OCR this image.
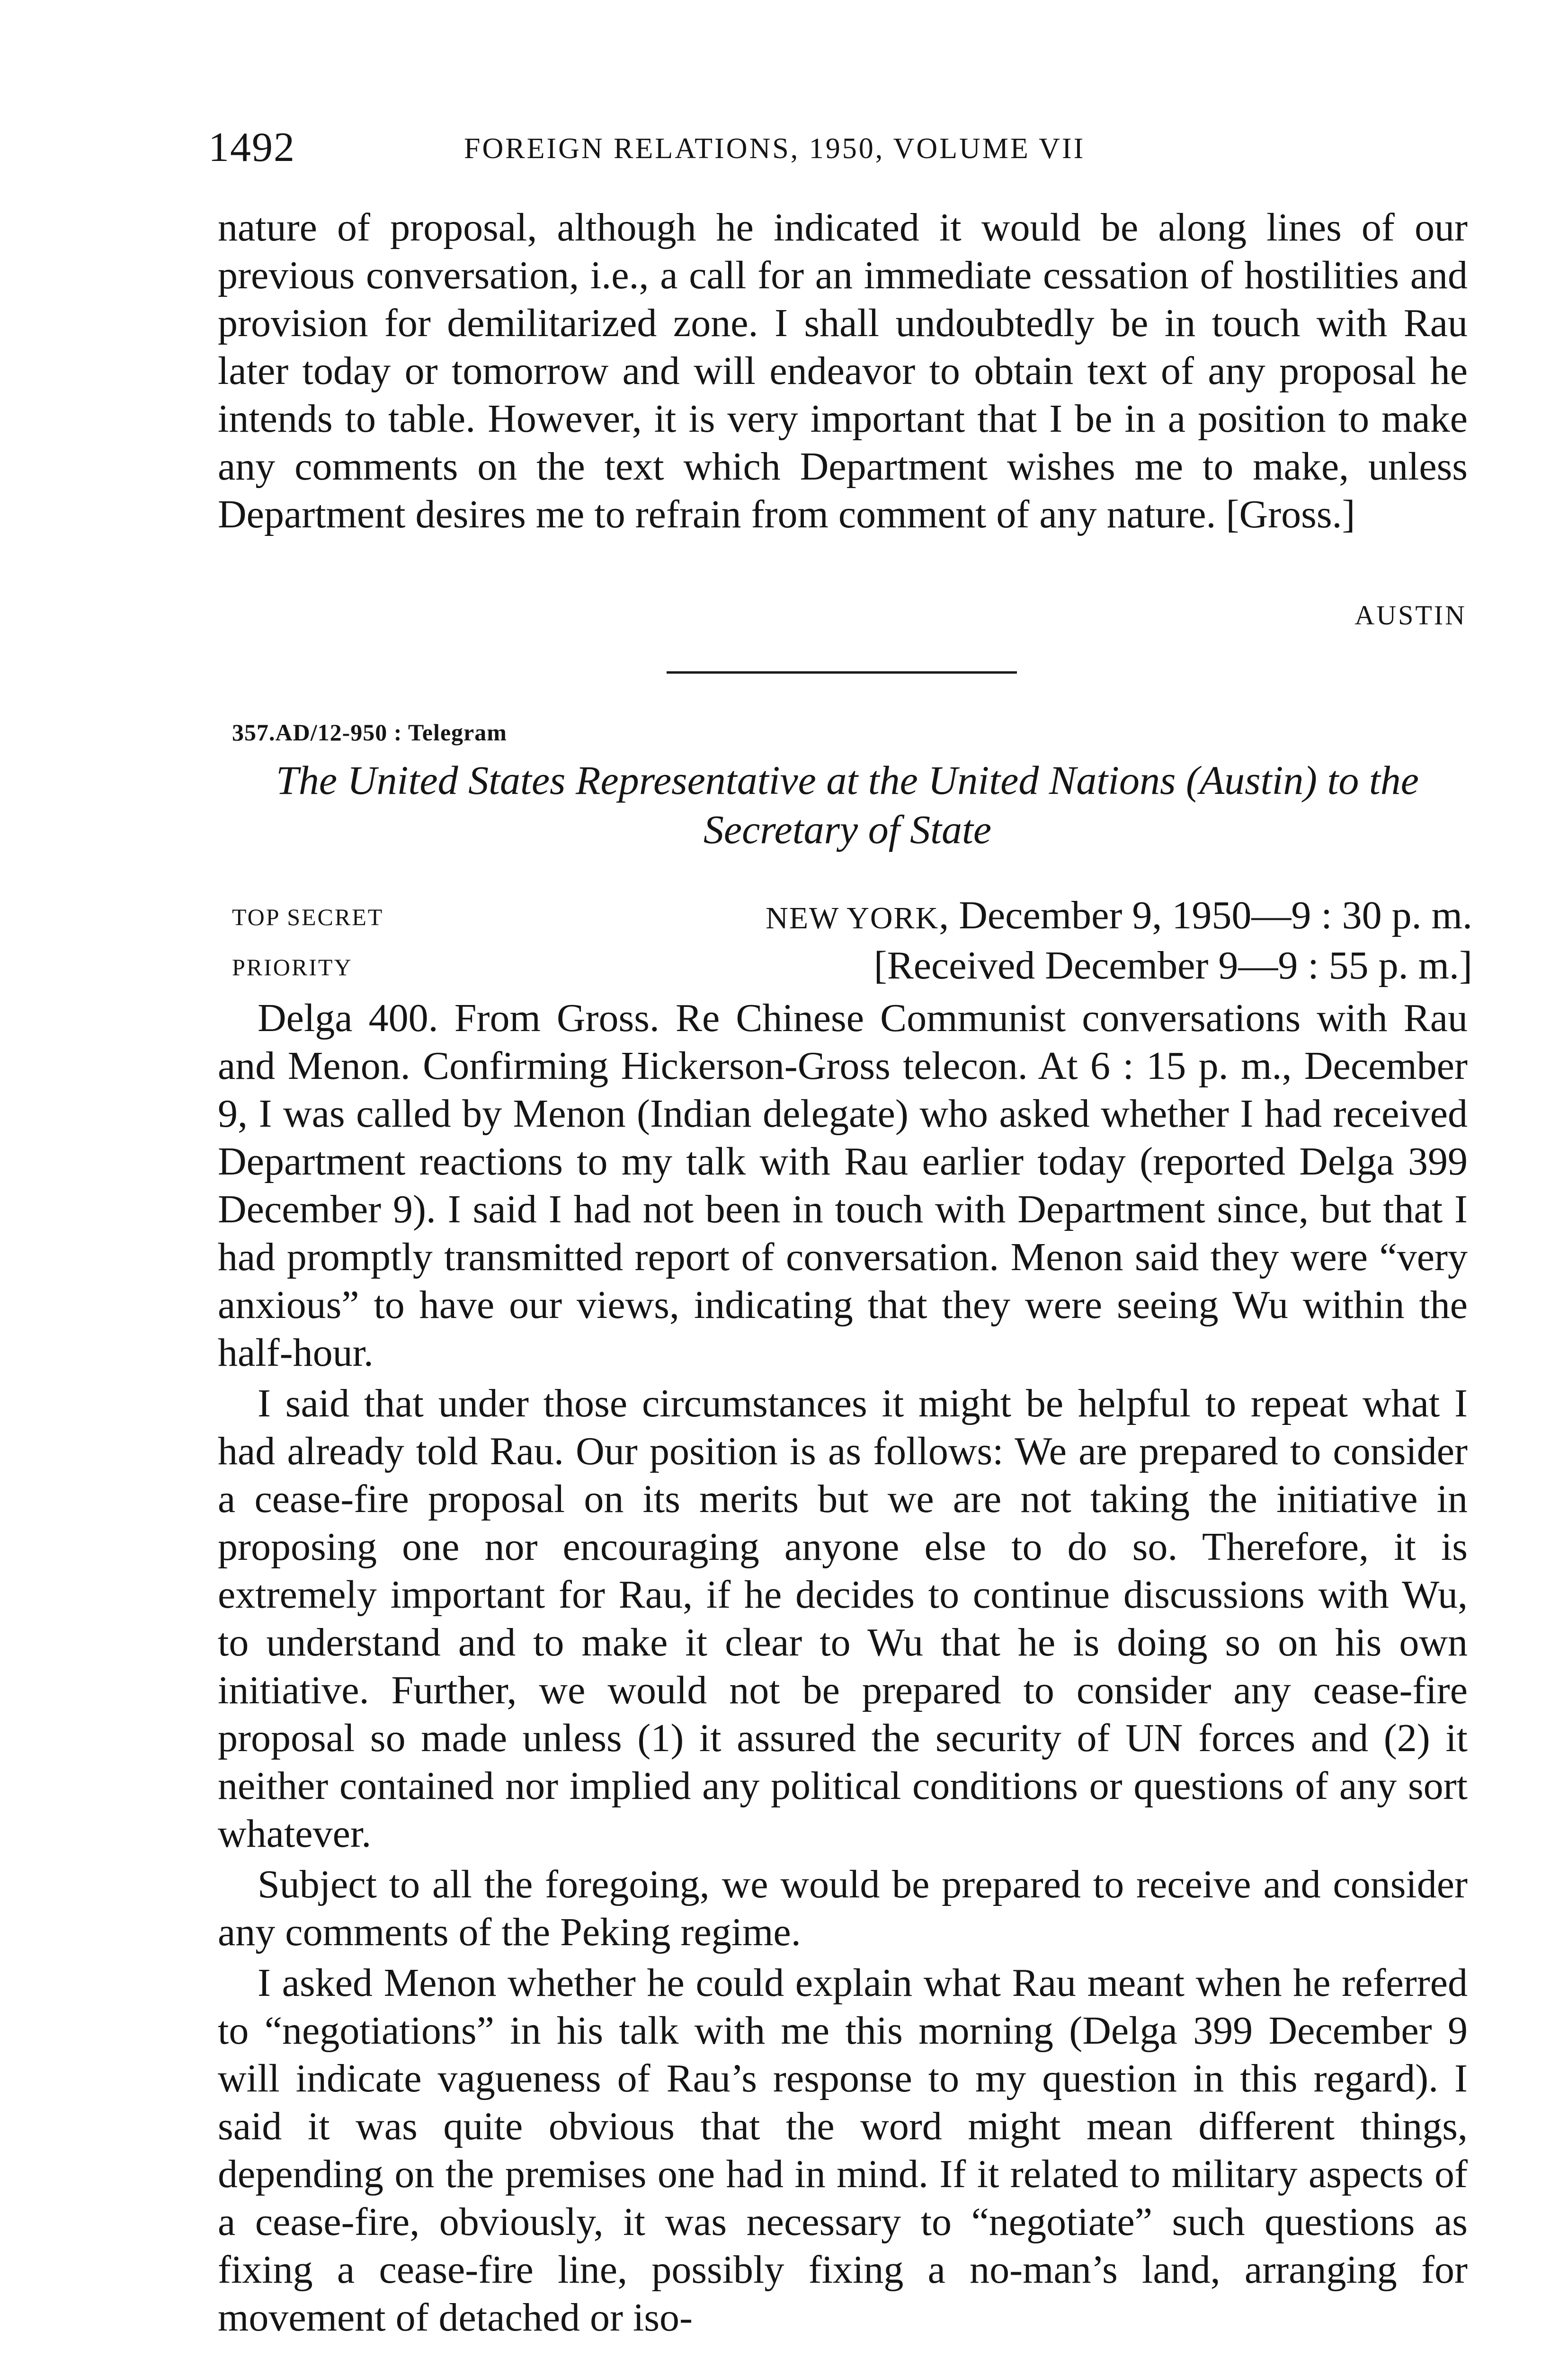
1492	FOREIGN RELATIONS, 1950, VOLUME VII

nature of proposal, although he indicated it would be along lines of our previous conversation, i.e., a call for an immediate cessation of hostilities and provision for demilitarized zone. I shall undoubtedly be in touch with Rau later today or tomorrow and will endeavor to obtain text of any proposal he intends to table. However, it is very important that I be in a position to make any comments on the text which Department wishes me to make, unless Department desires me to refrain from comment of any nature. [Gross.]

AUSTIN
357.AD/12-950 : Telegram
The United States Representative at the United Nations (Austin) to the Secretary of State
TOP SECRET	NEW YORK, December 9, 1950—9 : 30 p. m.
PRIORITY	[Received December 9—9 : 55 p. m.]

Delga 400. From Gross. Re Chinese Communist conversations with Rau and Menon. Confirming Hickerson-Gross telecon. At 6 : 15 p. m., December 9, I was called by Menon (Indian delegate) who asked whether I had received Department reactions to my talk with Rau earlier today (reported Delga 399 December 9). I said I had not been in touch with Department since, but that I had promptly transmitted report of conversation. Menon said they were “very anxious” to have our views, indicating that they were seeing Wu within the half-hour.

I said that under those circumstances it might be helpful to repeat what I had already told Rau. Our position is as follows: We are prepared to consider a cease-fire proposal on its merits but we are not taking the initiative in proposing one nor encouraging anyone else to do so. Therefore, it is extremely important for Rau, if he decides to continue discussions with Wu, to understand and to make it clear to Wu that he is doing so on his own initiative. Further, we would not be prepared to consider any cease-fire proposal so made unless (1) it assured the security of UN forces and (2) it neither contained nor implied any political conditions or questions of any sort whatever.

Subject to all the foregoing, we would be prepared to receive and consider any comments of the Peking regime.

I asked Menon whether he could explain what Rau meant when he referred to “negotiations” in his talk with me this morning (Delga 399 December 9 will indicate vagueness of Rau’s response to my question in this regard). I said it was quite obvious that the word might mean different things, depending on the premises one had in mind. If it related to military aspects of a cease-fire, obviously, it was necessary to “negotiate” such questions as fixing a cease-fire line, possibly fixing a no-man’s land, arranging for movement of detached or iso-
